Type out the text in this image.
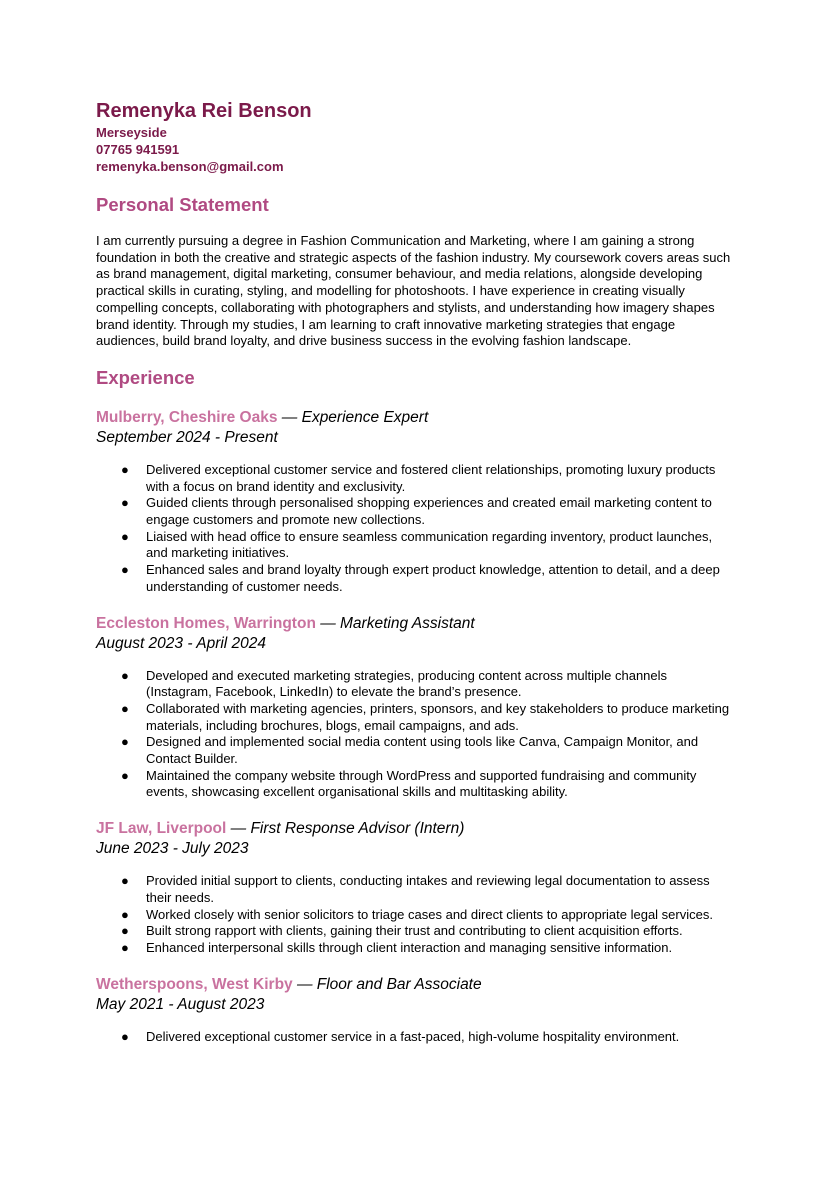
Remenyka Rei Benson
Merseyside
07765 941591
remenyka.benson@gmail.com
Personal Statement
I am currently pursuing a degree in Fashion Communication and Marketing, where I am gaining a strong foundation in both the creative and strategic aspects of the fashion industry. My coursework covers areas such as brand management, digital marketing, consumer behaviour, and media relations, alongside developing practical skills in curating, styling, and modelling for photoshoots. I have experience in creating visually compelling concepts, collaborating with photographers and stylists, and understanding how imagery shapes brand identity. Through my studies, I am learning to craft innovative marketing strategies that engage audiences, build brand loyalty, and drive business success in the evolving fashion landscape.
Experience
Mulberry, Cheshire Oaks — Experience Expert
September 2024 - Present
● Delivered exceptional customer service and fostered client relationships, promoting luxury products with a focus on brand identity and exclusivity.
● Guided clients through personalised shopping experiences and created email marketing content to engage customers and promote new collections.
● Liaised with head office to ensure seamless communication regarding inventory, product launches, and marketing initiatives.
● Enhanced sales and brand loyalty through expert product knowledge, attention to detail, and a deep understanding of customer needs.
Eccleston Homes, Warrington — Marketing Assistant
August 2023 - April 2024
● Developed and executed marketing strategies, producing content across multiple channels (Instagram, Facebook, LinkedIn) to elevate the brand’s presence.
● Collaborated with marketing agencies, printers, sponsors, and key stakeholders to produce marketing materials, including brochures, blogs, email campaigns, and ads.
● Designed and implemented social media content using tools like Canva, Campaign Monitor, and Contact Builder.
● Maintained the company website through WordPress and supported fundraising and community events, showcasing excellent organisational skills and multitasking ability.
JF Law, Liverpool — First Response Advisor (Intern)
June 2023 - July 2023
● Provided initial support to clients, conducting intakes and reviewing legal documentation to assess their needs.
● Worked closely with senior solicitors to triage cases and direct clients to appropriate legal services.
● Built strong rapport with clients, gaining their trust and contributing to client acquisition efforts.
● Enhanced interpersonal skills through client interaction and managing sensitive information.
Wetherspoons, West Kirby — Floor and Bar Associate
May 2021 - August 2023
● Delivered exceptional customer service in a fast-paced, high-volume hospitality environment.
